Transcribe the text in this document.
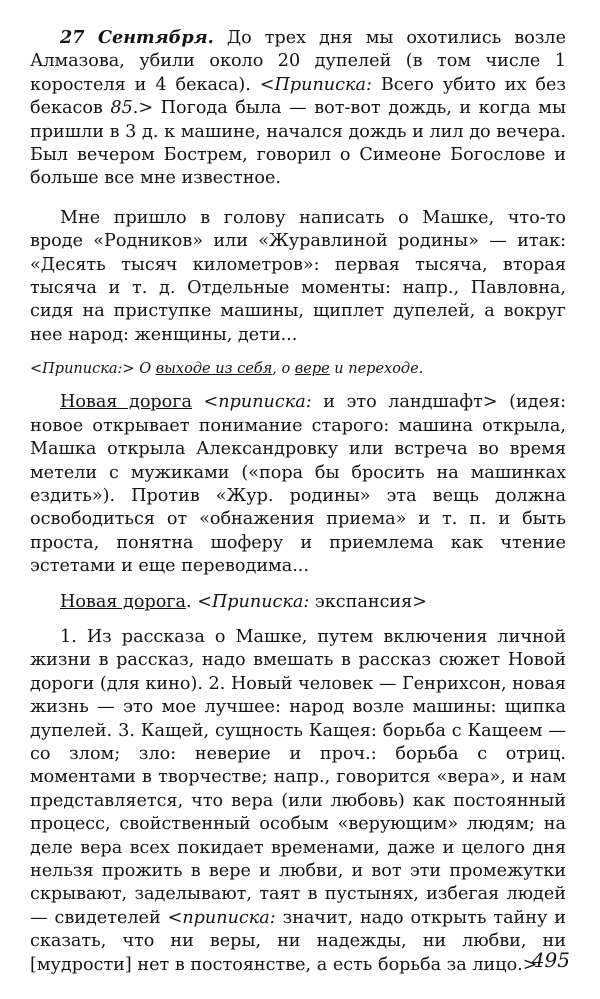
27 Сентября. До трех дня мы охотились возле Алмазова, убили около 20 дупелей (в том числе 1 коростеля и 4 бекаса). <Приписка: Всего убито их без бекасов 85.> Погода была — вот-вот дождь, и когда мы пришли в 3 д. к машине, начался дождь и лил до вечера. Был вечером Бострем, говорил о Симеоне Богослове и больше все мне известное.

Мне пришло в голову написать о Машке, что-то вроде «Родников» или «Журавлиной родины» — итак: «Десять тысяч километров»: первая тысяча, вторая тысяча и т. д. Отдельные моменты: напр., Павловна, сидя на приступке машины, щиплет дупелей, а вокруг нее народ: женщины, дети...

<Приписка:> О выходе из себя, о вере и переходе.

Новая дорога <приписка: и это ландшафт> (идея: новое открывает понимание старого: машина открыла, Машка открыла Александровку или встреча во время метели с мужиками («пора бы бросить на машинках ездить»). Против «Жур. родины» эта вещь должна освободиться от «обнажения приема» и т. п. и быть проста, понятна шоферу и приемлема как чтение эстетами и еще переводима...

Новая дорога. <Приписка: экспансия>

1. Из рассказа о Машке, путем включения личной жизни в рассказ, надо вмешать в рассказ сюжет Новой дороги (для кино). 2. Новый человек — Генрихсон, новая жизнь — это мое лучшее: народ возле машины: щипка дупелей. 3. Кащей, сущность Кащея: борьба с Кащеем — со злом; зло: неверие и проч.: борьба с отриц. моментами в творчестве; напр., говорится «вера», и нам представляется, что вера (или любовь) как постоянный процесс, свойственный особым «верующим» людям; на деле вера всех покидает временами, даже и целого дня нельзя прожить в вере и любви, и вот эти промежутки скрывают, заделывают, таят в пустынях, избегая людей — свидетелей <приписка: значит, надо открыть тайну и сказать, что ни веры, ни надежды, ни любви, ни [мудрости] нет в постоянстве, а есть борьба за лицо.>

495
